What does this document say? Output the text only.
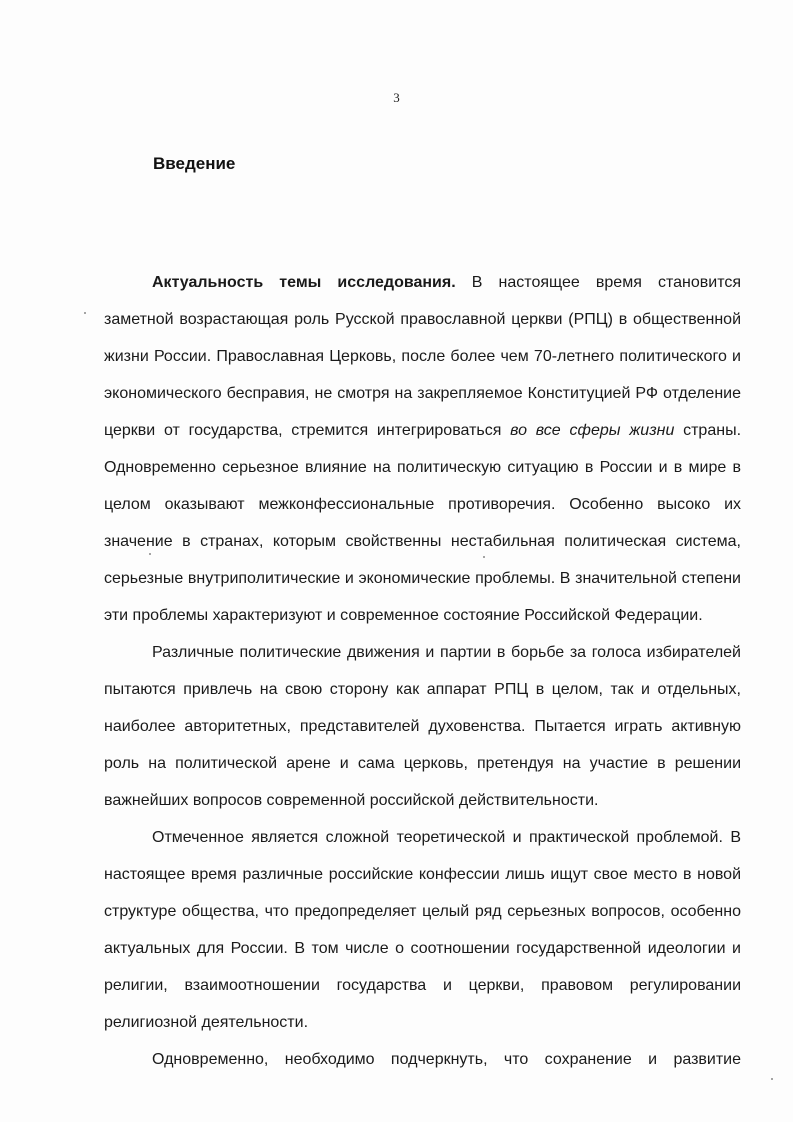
3
Введение

Актуальность темы исследования. В настоящее время становится заметной возрастающая роль Русской православной церкви (РПЦ) в общественной жизни России. Православная Церковь, после более чем 70-летнего политического и экономического бесправия, не смотря на закрепляемое Конституцией РФ отделение церкви от государства, стремится интегрироваться во все сферы жизни страны. Одновременно серьезное влияние на политическую ситуацию в России и в мире в целом оказывают межконфессиональные противоречия. Особенно высоко их значение в странах, которым свойственны нестабильная политическая система, серьезные внутриполитические и экономические проблемы. В значительной степени эти проблемы характеризуют и современное состояние Российской Федерации.

Различные политические движения и партии в борьбе за голоса избирателей пытаются привлечь на свою сторону как аппарат РПЦ в целом, так и отдельных, наиболее авторитетных, представителей духовенства. Пытается играть активную роль на политической арене и сама церковь, претендуя на участие в решении важнейших вопросов современной российской действительности.

Отмеченное является сложной теоретической и практической проблемой. В настоящее время различные российские конфессии лишь ищут свое место в новой структуре общества, что предопределяет целый ряд серьезных вопросов, особенно актуальных для России. В том числе о соотношении государственной идеологии и религии, взаимоотношении государства и церкви, правовом регулировании религиозной деятельности.

Одновременно, необходимо подчеркнуть, что сохранение и развитие
